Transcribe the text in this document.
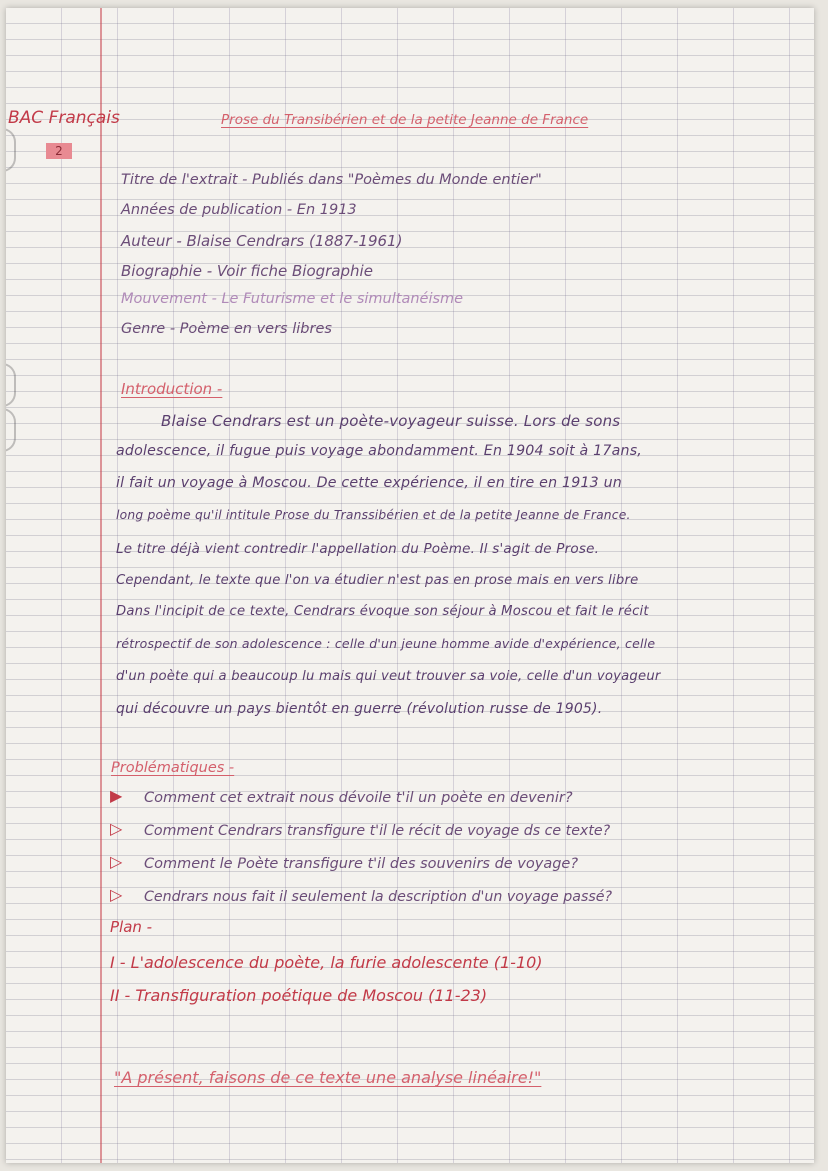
BAC Français
2
Prose du Transibérien et de la petite Jeanne de France
Titre de l'extrait - Publiés dans "Poèmes du Monde entier"
Années de publication - En 1913
Auteur - Blaise Cendrars (1887-1961)
Biographie - Voir fiche Biographie
Mouvement - Le Futurisme et le simultanéisme
Genre - Poème en vers libres
Introduction -
Blaise Cendrars est un poète-voyageur suisse. Lors de sons
adolescence, il fugue puis voyage abondamment. En 1904 soit à 17ans,
il fait un voyage à Moscou. De cette expérience, il en tire en 1913 un
long poème qu'il intitule Prose du Transsibérien et de la petite Jeanne de France.
Le titre déjà vient contredir l'appellation du Poème. Il s'agit de Prose.
Cependant, le texte que l'on va étudier n'est pas en prose mais en vers libre
Dans l'incipit de ce texte, Cendrars évoque son séjour à Moscou et fait le récit
rétrospectif de son adolescence : celle d'un jeune homme avide d'expérience, celle
d'un poète qui a beaucoup lu mais qui veut trouver sa voie, celle d'un voyageur
qui découvre un pays bientôt en guerre (révolution russe de 1905).
Problématiques -
▶ Comment cet extrait nous dévoile t'il un poète en devenir?
▷ Comment Cendrars transfigure t'il le récit de voyage ds ce texte?
▷ Comment le Poète transfigure t'il des souvenirs de voyage?
▷ Cendrars nous fait il seulement la description d'un voyage passé?
Plan -
I - L'adolescence du poète, la furie adolescente (1-10)
II - Transfiguration poétique de Moscou (11-23)
"A présent, faisons de ce texte une analyse linéaire!"
